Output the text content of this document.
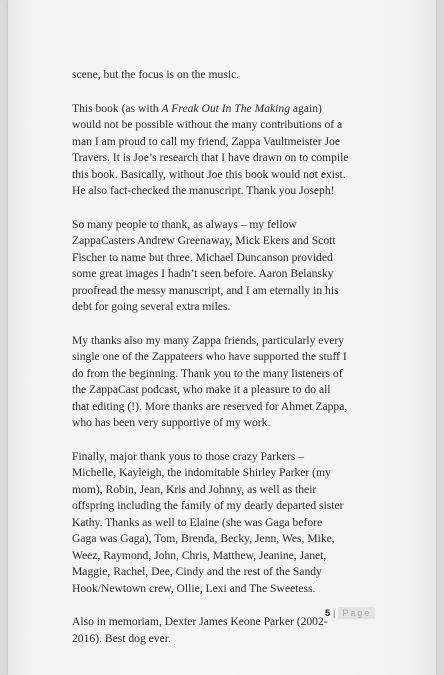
scene, but the focus is on the music.
This book (as with A Freak Out In The Making again)
would not be possible without the many contributions of a
man I am proud to call my friend, Zappa Vaultmeister Joe
Travers. It is Joe’s research that I have drawn on to compile
this book. Basically, without Joe this book would not exist.
He also fact-checked the manuscript. Thank you Joseph!
So many people to thank, as always – my fellow
ZappaCasters Andrew Greenaway, Mick Ekers and Scott
Fischer to name but three. Michael Duncanson provided
some great images I hadn’t seen before. Aaron Belansky
proofread the messy manuscript, and I am eternally in his
debt for going several extra miles.
My thanks also my many Zappa friends, particularly every
single one of the Zappateers who have supported the stuff I
do from the beginning. Thank you to the many listeners of
the ZappaCast podcast, who make it a pleasure to do all
that editing (!). More thanks are reserved for Ahmet Zappa,
who has been very supportive of my work.
Finally, major thank yous to those crazy Parkers –
Michelle, Kayleigh, the indomitable Shirley Parker (my
mom), Robin, Jean, Kris and Johnny, as well as their
offspring including the family of my dearly departed sister
Kathy. Thanks as well to Elaine (she was Gaga before
Gaga was Gaga), Tom, Brenda, Becky, Jenn, Wes, Mike,
Weez, Raymond, John, Chris, Matthew, Jeanine, Janet,
Maggie, Rachel, Dee, Cindy and the rest of the Sandy
Hook/Newtown crew, Ollie, Lexi and The Sweetess.
Also in memoriam, Dexter James Keone Parker (2002-
2016). Best dog ever.
5 | Page
